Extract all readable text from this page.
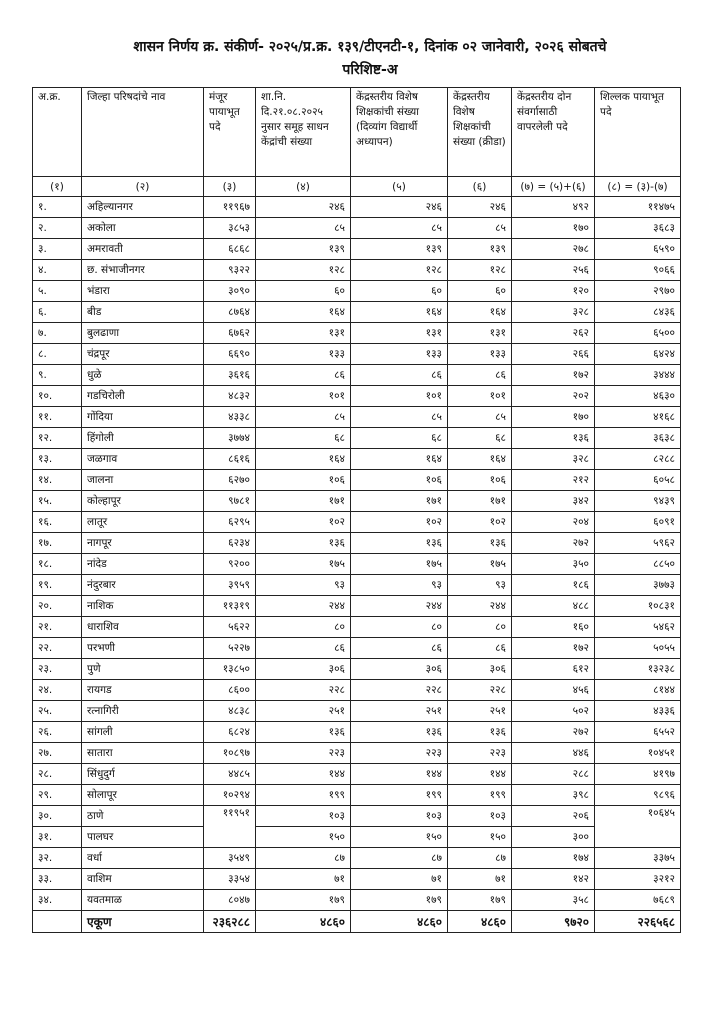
शासन निर्णय क्र. संकीर्ण- २०२५/प्र.क्र. १३९/टीएनटी-१, दिनांक ०२ जानेवारी, २०२६ सोबतचे
परिशिष्ट-अ
अ.क्र.	जिल्हा परिषदांचे नाव	मंजूर पायाभूत पदे	शा.नि. दि.२१.०८.२०२५ नुसार समूह साधन केंद्रांची संख्या	केंद्रस्तरीय विशेष शिक्षकांची संख्या (दिव्यांग विद्यार्थी अध्यापन)	केंद्रस्तरीय विशेष शिक्षकांची संख्या (क्रीडा)	केंद्रस्तरीय दोन संवर्गासाठी वापरलेली पदे	शिल्लक पायाभूत पदे
(१)	(२)	(३)	(४)	(५)	(६)	(७) = (५)+(६)	(८) = (३)-(७)
१.	अहिल्यानगर	११९६७	२४६	२४६	२४६	४९२	११४७५
२.	अकोला	३८५३	८५	८५	८५	१७०	३६८३
३.	अमरावती	६८६८	१३९	१३९	१३९	२७८	६५९०
४.	छ. संभाजीनगर	९३२२	१२८	१२८	१२८	२५६	९०६६
५.	भंडारा	३०९०	६०	६०	६०	१२०	२९७०
६.	बीड	८७६४	१६४	१६४	१६४	३२८	८४३६
७.	बुलढाणा	६७६२	१३१	१३१	१३१	२६२	६५००
८.	चंद्रपूर	६६९०	१३३	१३३	१३३	२६६	६४२४
९.	धुळे	३६१६	८६	८६	८६	१७२	३४४४
१०.	गडचिरोली	४८३२	१०१	१०१	१०१	२०२	४६३०
११.	गोंदिया	४३३८	८५	८५	८५	१७०	४१६८
१२.	हिंगोली	३७७४	६८	६८	६८	१३६	३६३८
१३.	जळगाव	८६१६	१६४	१६४	१६४	३२८	८२८८
१४.	जालना	६२७०	१०६	१०६	१०६	२१२	६०५८
१५.	कोल्हापूर	९७८१	१७१	१७१	१७१	३४२	९४३९
१६.	लातूर	६२९५	१०२	१०२	१०२	२०४	६०९१
१७.	नागपूर	६२३४	१३६	१३६	१३६	२७२	५९६२
१८.	नांदेड	९२००	१७५	१७५	१७५	३५०	८८५०
१९.	नंदुरबार	३९५९	९३	९३	९३	१८६	३७७३
२०.	नाशिक	११३१९	२४४	२४४	२४४	४८८	१०८३१
२१.	धाराशिव	५६२२	८०	८०	८०	१६०	५४६२
२२.	परभणी	५२२७	८६	८६	८६	१७२	५०५५
२३.	पुणे	१३८५०	३०६	३०६	३०६	६१२	१३२३८
२४.	रायगड	८६००	२२८	२२८	२२८	४५६	८१४४
२५.	रत्नागिरी	४८३८	२५१	२५१	२५१	५०२	४३३६
२६.	सांगली	६८२४	१३६	१३६	१३६	२७२	६५५२
२७.	सातारा	१०८९७	२२३	२२३	२२३	४४६	१०४५१
२८.	सिंधुदुर्ग	४४८५	१४४	१४४	१४४	२८८	४१९७
२९.	सोलापूर	१०२९४	१९९	१९९	१९९	३९८	९८९६
३०.	ठाणे	११९५१	१०३	१०३	१०३	२०६	१०६४५
३१.	पालघर		१५०	१५०	१५०	३००	
३२.	वर्धा	३५४९	८७	८७	८७	१७४	३३७५
३३.	वाशिम	३३५४	७१	७१	७१	१४२	३२१२
३४.	यवतमाळ	८०४७	१७९	१७९	१७९	३५८	७६८९
	एकूण	२३६२८८	४८६०	४८६०	४८६०	९७२०	२२६५६८
